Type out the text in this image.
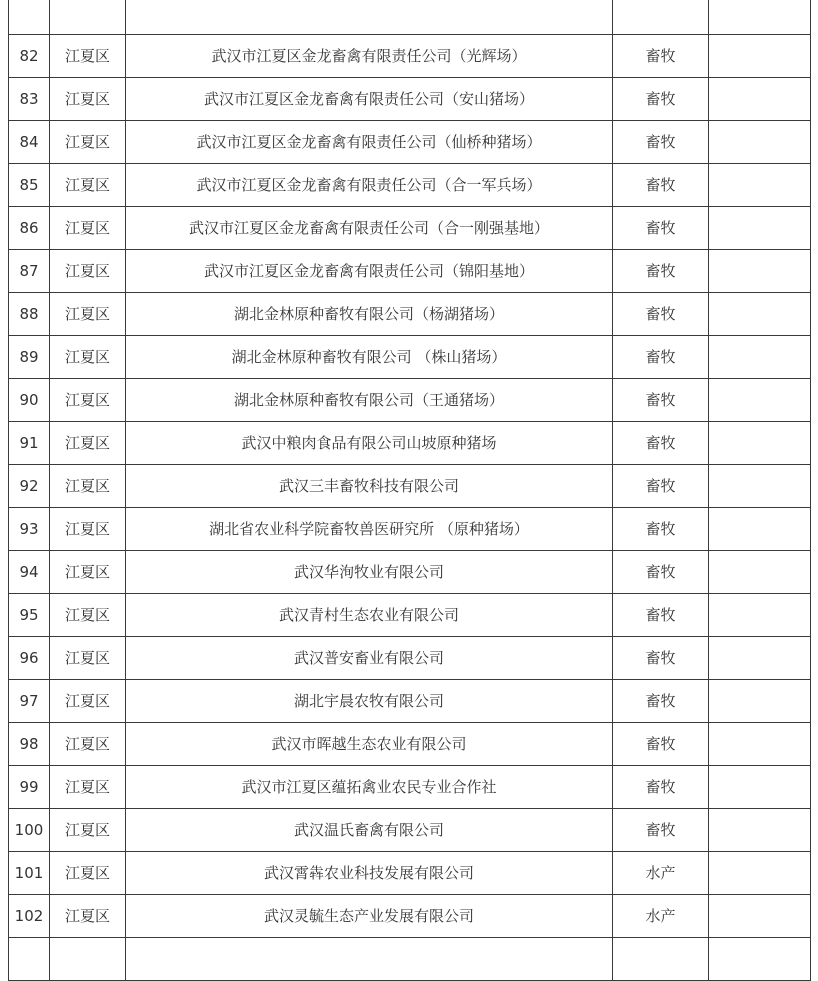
82	江夏区	武汉市江夏区金龙畜禽有限责任公司（光辉场）	畜牧	
83	江夏区	武汉市江夏区金龙畜禽有限责任公司（安山猪场）	畜牧	
84	江夏区	武汉市江夏区金龙畜禽有限责任公司（仙桥种猪场）	畜牧	
85	江夏区	武汉市江夏区金龙畜禽有限责任公司（合一军兵场）	畜牧	
86	江夏区	武汉市江夏区金龙畜禽有限责任公司（合一刚强基地）	畜牧	
87	江夏区	武汉市江夏区金龙畜禽有限责任公司（锦阳基地）	畜牧	
88	江夏区	湖北金林原种畜牧有限公司（杨湖猪场）	畜牧	
89	江夏区	湖北金林原种畜牧有限公司 （株山猪场）	畜牧	
90	江夏区	湖北金林原种畜牧有限公司（王通猪场）	畜牧	
91	江夏区	武汉中粮肉食品有限公司山坡原种猪场	畜牧	
92	江夏区	武汉三丰畜牧科技有限公司	畜牧	
93	江夏区	湖北省农业科学院畜牧兽医研究所 （原种猪场）	畜牧	
94	江夏区	武汉华洵牧业有限公司	畜牧	
95	江夏区	武汉青村生态农业有限公司	畜牧	
96	江夏区	武汉普安畜业有限公司	畜牧	
97	江夏区	湖北宇晨农牧有限公司	畜牧	
98	江夏区	武汉市晖越生态农业有限公司	畜牧	
99	江夏区	武汉市江夏区蕴拓禽业农民专业合作社	畜牧	
100	江夏区	武汉温氏畜禽有限公司	畜牧	
101	江夏区	武汉霄犇农业科技发展有限公司	水产	
102	江夏区	武汉灵毓生态产业发展有限公司	水产	
